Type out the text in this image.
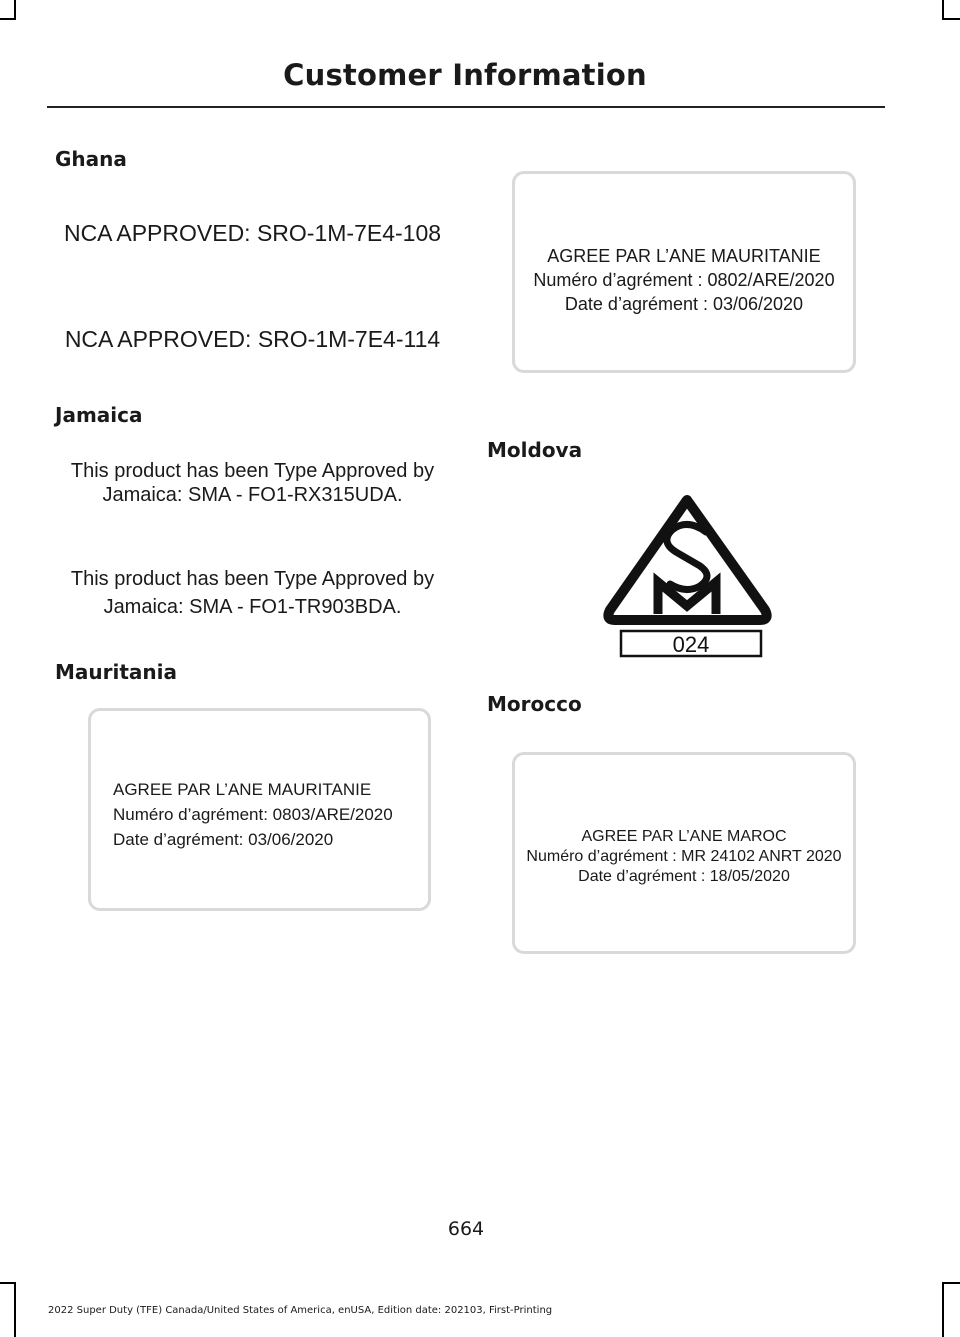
Customer Information
Ghana
NCA APPROVED: SRO-1M-7E4-108
NCA APPROVED: SRO-1M-7E4-114
Jamaica
This product has been Type Approved by
Jamaica: SMA - FO1-RX315UDA.
This product has been Type Approved by
Jamaica: SMA - FO1-TR903BDA.
Mauritania
AGREE PAR L’ANE MAURITANIE
Numéro d’agrément: 0803/ARE/2020
Date d’agrément: 03/06/2020
AGREE PAR L’ANE MAURITANIE
Numéro d’agrément : 0802/ARE/2020
Date d’agrément : 03/06/2020
Moldova
024
Morocco
AGREE PAR L’ANE MAROC
Numéro d’agrément : MR 24102 ANRT 2020
Date d’agrément : 18/05/2020
664
2022 Super Duty (TFE) Canada/United States of America, enUSA, Edition date: 202103, First-Printing
